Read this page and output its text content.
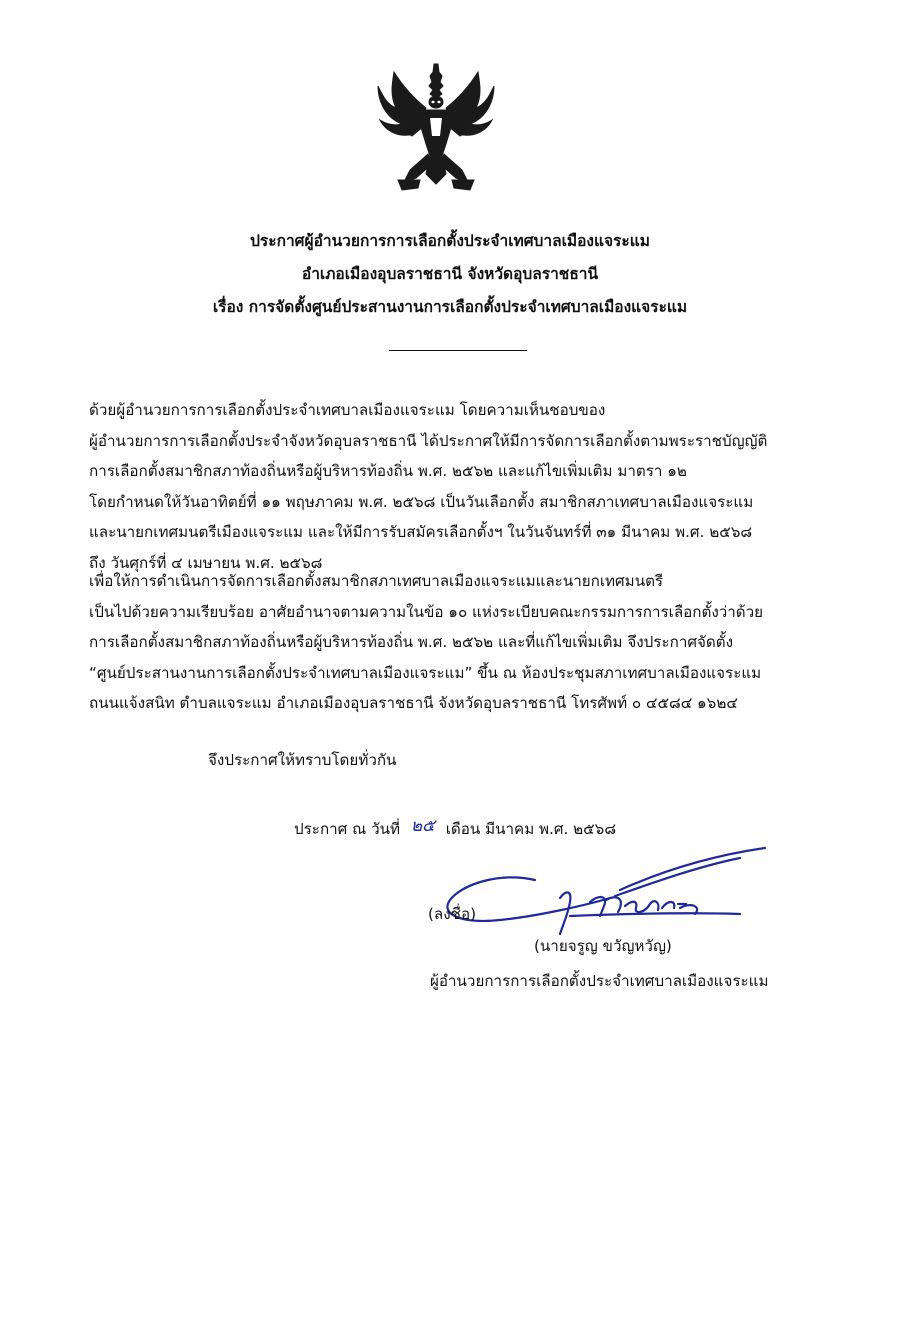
ประกาศผู้อำนวยการการเลือกตั้งประจำเทศบาลเมืองแจระแม
อำเภอเมืองอุบลราชธานี จังหวัดอุบลราชธานี
เรื่อง การจัดตั้งศูนย์ประสานงานการเลือกตั้งประจำเทศบาลเมืองแจระแม
ด้วยผู้อำนวยการการเลือกตั้งประจำเทศบาลเมืองแจระแม โดยความเห็นชอบของ
ผู้อำนวยการการเลือกตั้งประจำจังหวัดอุบลราชธานี ได้ประกาศให้มีการจัดการเลือกตั้งตามพระราชบัญญัติ
การเลือกตั้งสมาชิกสภาท้องถิ่นหรือผู้บริหารท้องถิ่น พ.ศ. ๒๕๖๒ และแก้ไขเพิ่มเติม มาตรา ๑๒
โดยกำหนดให้วันอาทิตย์ที่ ๑๑ พฤษภาคม พ.ศ. ๒๕๖๘ เป็นวันเลือกตั้ง สมาชิกสภาเทศบาลเมืองแจระแม
และนายกเทศมนตรีเมืองแจระแม และให้มีการรับสมัครเลือกตั้งฯ ในวันจันทร์ที่ ๓๑ มีนาคม พ.ศ. ๒๕๖๘
ถึง วันศุกร์ที่ ๔ เมษายน พ.ศ. ๒๕๖๘
เพื่อให้การดำเนินการจัดการเลือกตั้งสมาชิกสภาเทศบาลเมืองแจระแมและนายกเทศมนตรี
เป็นไปด้วยความเรียบร้อย อาศัยอำนาจตามความในข้อ ๑๐ แห่งระเบียบคณะกรรมการการเลือกตั้งว่าด้วย
การเลือกตั้งสมาชิกสภาท้องถิ่นหรือผู้บริหารท้องถิ่น พ.ศ. ๒๕๖๒ และที่แก้ไขเพิ่มเติม จึงประกาศจัดตั้ง
“ศูนย์ประสานงานการเลือกตั้งประจำเทศบาลเมืองแจระแม” ขึ้น ณ ห้องประชุมสภาเทศบาลเมืองแจระแม
ถนนแจ้งสนิท ตำบลแจระแม อำเภอเมืองอุบลราชธานี จังหวัดอุบลราชธานี โทรศัพท์ ๐ ๔๕๘๔ ๑๖๒๔
จึงประกาศให้ทราบโดยทั่วกัน
ประกาศ ณ วันที่ ๒๕ เดือน มีนาคม พ.ศ. ๒๕๖๘
(ลงชื่อ)
(นายจรูญ ขวัญหวัญ)
ผู้อำนวยการการเลือกตั้งประจำเทศบาลเมืองแจระแม
